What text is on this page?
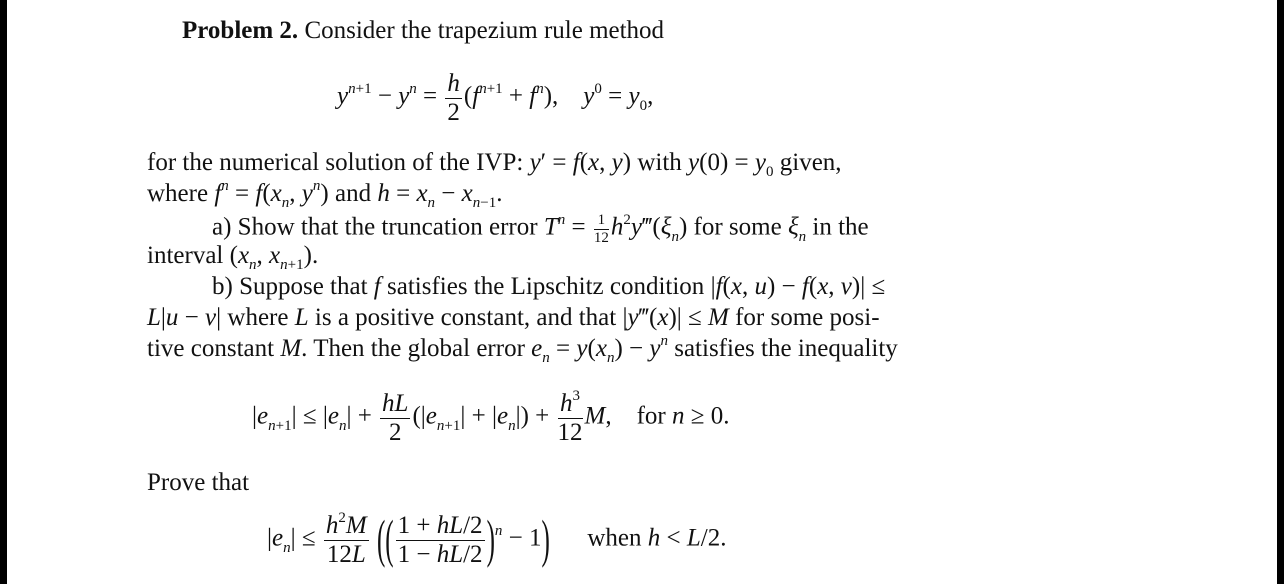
Problem 2. Consider the trapezium rule method
$y^{n+1} - y^n = \frac{h}{2} (f^{n+1} + f^n)$,    $y^0 = y_0$,
for the numerical solution of the IVP: y′ = f(x, y) with $y(0) = y_0$ given,
where $f^n = f(x_n$, $y^n$) and $h = x_n - x_{n-1}$.
a) Show that the truncation error $T^n = \frac{1}{12}$ $h^2y‴(\xi_n)$ for some $\xi_n$ in the
interval ($x_n$, $x_{n+1}$).
b) Suppose that f satisfies the Lipschitz condition |f(x, u) − f(x, v)| ≤
L|u − v| where L is a positive constant, and that |y‴(x)| ≤ M for some posi-
tive constant M. Then the global error $e_n = y(x_n) - y^n$ satisfies the inequality
$|e_{n+1}| \le |e_n| + \frac{hL}{2} (|e_{n+1}| + |e_n|) + \frac{h^3}{12} M$,    for n ≥ 0.
Prove that
$|e_n| \le \frac{h^2M}{12L}$ (( $\frac{1 + hL/2}{1 - hL/2} )^n - 1$) when h < L/2.
